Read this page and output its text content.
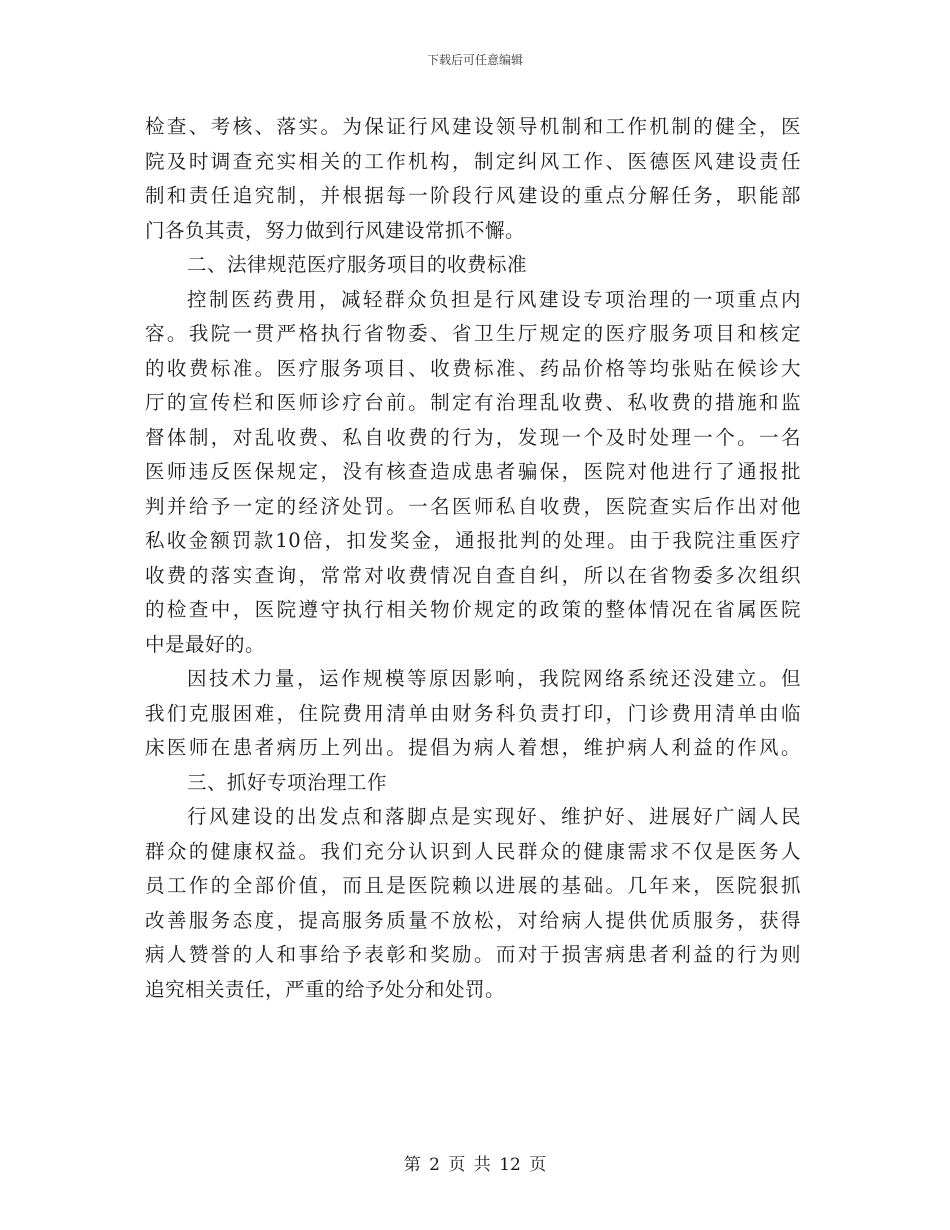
下载后可任意编辑
检查、考核、落实。为保证行风建设领导机制和工作机制的健全，医
院及时调查充实相关的工作机构，制定纠风工作、医德医风建设责任
制和责任追究制，并根据每一阶段行风建设的重点分解任务，职能部
门各负其责，努力做到行风建设常抓不懈。
二、法律规范医疗服务项目的收费标准
控制医药费用，减轻群众负担是行风建设专项治理的一项重点内
容。我院一贯严格执行省物委、省卫生厅规定的医疗服务项目和核定
的收费标准。医疗服务项目、收费标准、药品价格等均张贴在候诊大
厅的宣传栏和医师诊疗台前。制定有治理乱收费、私收费的措施和监
督体制，对乱收费、私自收费的行为，发现一个及时处理一个。一名
医师违反医保规定，没有核查造成患者骗保，医院对他进行了通报批
判并给予一定的经济处罚。一名医师私自收费，医院查实后作出对他
私收金额罚款10倍，扣发奖金，通报批判的处理。由于我院注重医疗
收费的落实查询，常常对收费情况自查自纠，所以在省物委多次组织
的检查中，医院遵守执行相关物价规定的政策的整体情况在省属医院
中是最好的。
因技术力量，运作规模等原因影响，我院网络系统还没建立。但
我们克服困难，住院费用清单由财务科负责打印，门诊费用清单由临
床医师在患者病历上列出。提倡为病人着想，维护病人利益的作风。
三、抓好专项治理工作
行风建设的出发点和落脚点是实现好、维护好、进展好广阔人民
群众的健康权益。我们充分认识到人民群众的健康需求不仅是医务人
员工作的全部价值，而且是医院赖以进展的基础。几年来，医院狠抓
改善服务态度，提高服务质量不放松，对给病人提供优质服务，获得
病人赞誉的人和事给予表彰和奖励。而对于损害病患者利益的行为则
追究相关责任，严重的给予处分和处罚。
第 2 页 共 12 页
